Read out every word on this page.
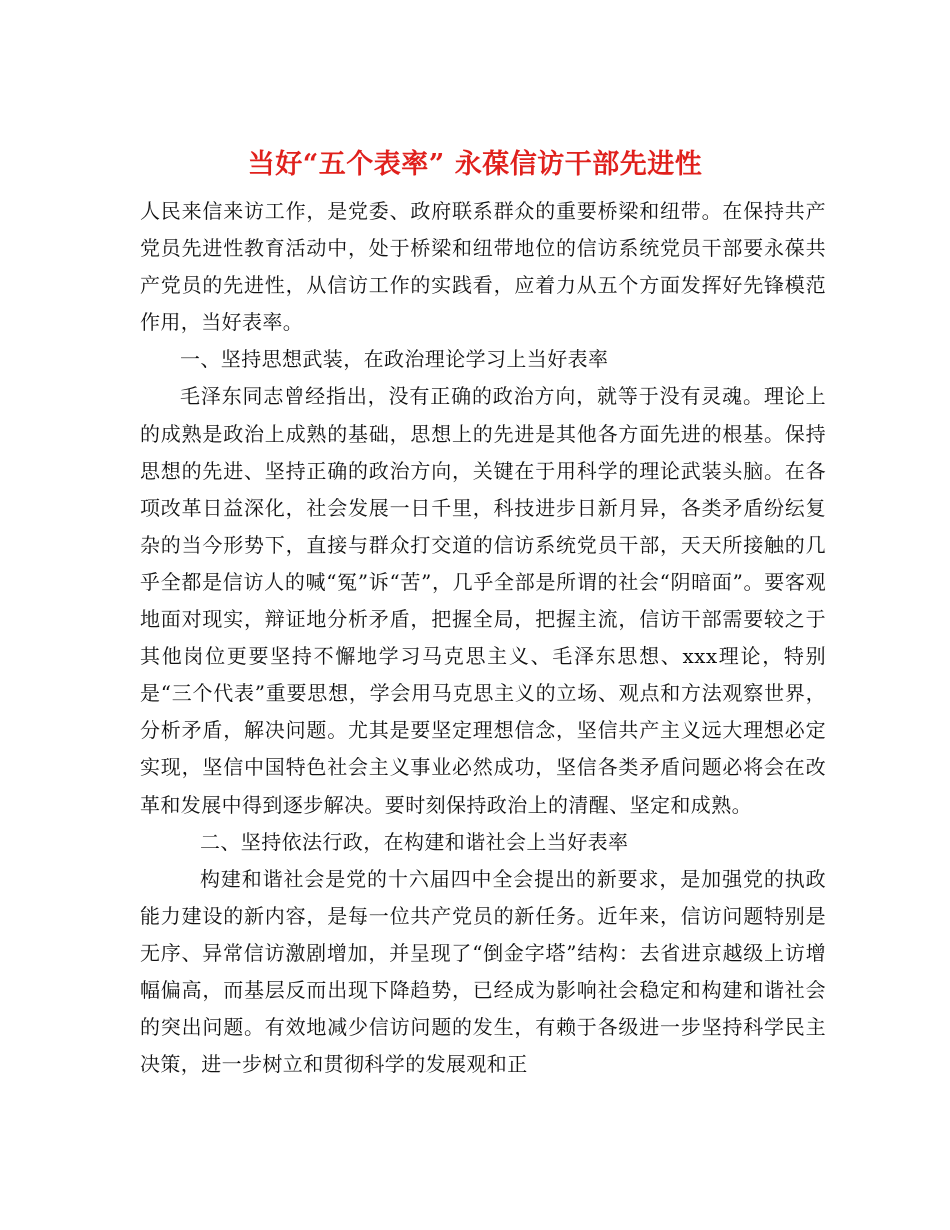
当好“五个表率” 永葆信访干部先进性

人民来信来访工作，是党委、政府联系群众的重要桥梁和纽带。在保持共产党员先进性教育活动中，处于桥梁和纽带地位的信访系统党员干部要永葆共产党员的先进性，从信访工作的实践看，应着力从五个方面发挥好先锋模范作用，当好表率。

一、坚持思想武装，在政治理论学习上当好表率

毛泽东同志曾经指出，没有正确的政治方向，就等于没有灵魂。理论上的成熟是政治上成熟的基础，思想上的先进是其他各方面先进的根基。保持思想的先进、坚持正确的政治方向，关键在于用科学的理论武装头脑。在各项改革日益深化，社会发展一日千里，科技进步日新月异，各类矛盾纷纭复杂的当今形势下，直接与群众打交道的信访系统党员干部，天天所接触的几乎全都是信访人的喊“冤”诉“苦”，几乎全部是所谓的社会“阴暗面”。要客观地面对现实，辩证地分析矛盾，把握全局，把握主流，信访干部需要较之于其他岗位更要坚持不懈地学习马克思主义、毛泽东思想、xxx理论，特别是“三个代表”重要思想，学会用马克思主义的立场、观点和方法观察世界，分析矛盾，解决问题。尤其是要坚定理想信念，坚信共产主义远大理想必定实现，坚信中国特色社会主义事业必然成功，坚信各类矛盾问题必将会在改革和发展中得到逐步解决。要时刻保持政治上的清醒、坚定和成熟。

二、坚持依法行政，在构建和谐社会上当好表率

构建和谐社会是党的十六届四中全会提出的新要求，是加强党的执政能力建设的新内容，是每一位共产党员的新任务。近年来，信访问题特别是无序、异常信访激剧增加，并呈现了“倒金字塔”结构：去省进京越级上访增幅偏高，而基层反而出现下降趋势，已经成为影响社会稳定和构建和谐社会的突出问题。有效地减少信访问题的发生，有赖于各级进一步坚持科学民主决策，进一步树立和贯彻科学的发展观和正
